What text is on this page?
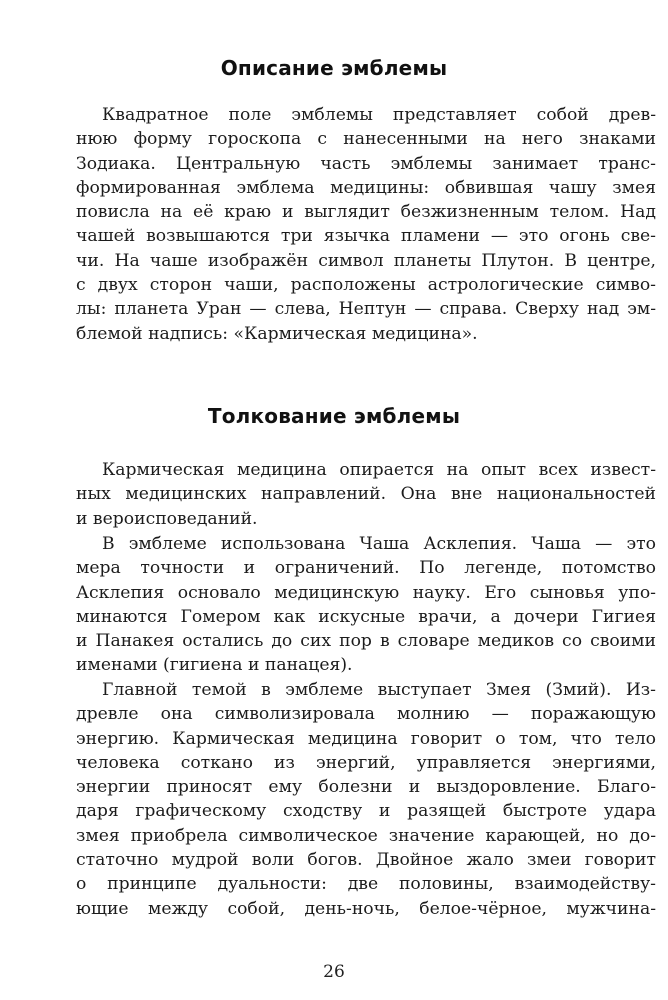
Описание эмблемы
Квадратное поле эмблемы представляет собой древ-
нюю форму гороскопа с нанесенными на него знаками
Зодиака. Центральную часть эмблемы занимает транс-
формированная эмблема медицины: обвившая чашу змея
повисла на её краю и выглядит безжизненным телом. Над
чашей возвышаются три язычка пламени — это огонь све-
чи. На чаше изображён символ планеты Плутон. В центре,
с двух сторон чаши, расположены астрологические симво-
лы: планета Уран — слева, Нептун — справа. Сверху над эм-
блемой надпись: «Кармическая медицина».
Толкование эмблемы
Кармическая медицина опирается на опыт всех извест-
ных медицинских направлений. Она вне национальностей
и вероисповеданий.
В эмблеме использована Чаша Асклепия. Чаша — это
мера точности и ограничений. По легенде, потомство
Асклепия основало медицинскую науку. Его сыновья упо-
минаются Гомером как искусные врачи, а дочери Гигиея
и Панакея остались до сих пор в словаре медиков со своими
именами (гигиена и панацея).
Главной темой в эмблеме выступает Змея (Змий). Из-
древле она символизировала молнию — поражающую
энергию. Кармическая медицина говорит о том, что тело
человека соткано из энергий, управляется энергиями,
энергии приносят ему болезни и выздоровление. Благо-
даря графическому сходству и разящей быстроте удара
змея приобрела символическое значение карающей, но до-
статочно мудрой воли богов. Двойное жало змеи говорит
о принципе дуальности: две половины, взаимодейству-
ющие между собой, день-ночь, белое-чёрное, мужчина-
26
